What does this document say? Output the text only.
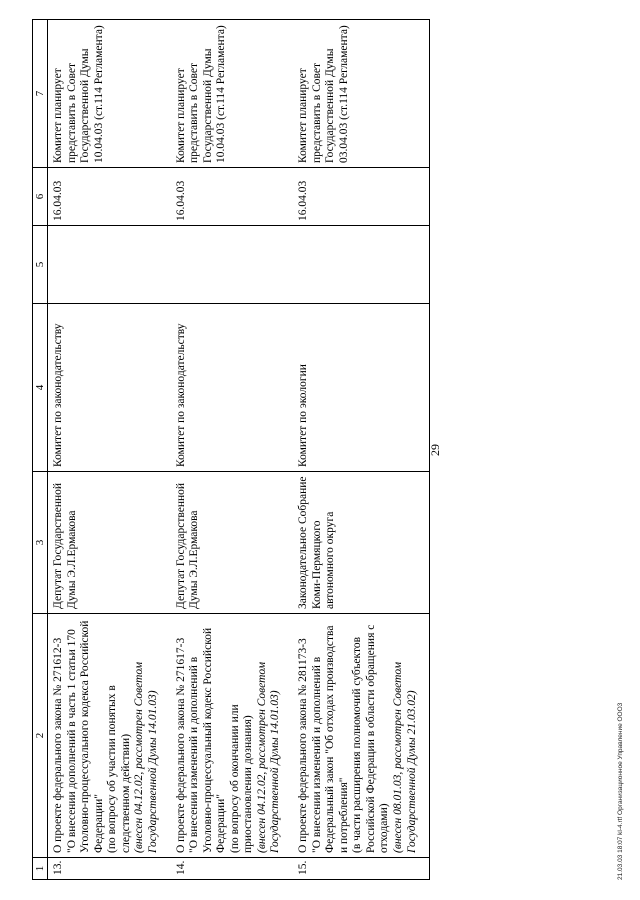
1	2	3	4	5	6	7
13.	О проекте федерального закона № 271612-3 "О внесении дополнений в часть 1 статьи 170 Уголовно-процессуального кодекса Российской Федерации" (по вопросу об участии понятых в следственном действии) (внесен 04.12.02, рассмотрен Советом Государственной Думы 14.01.03)	Депутат Государственной Думы Э.Л.Ермакова	Комитет по законодательству		16.04.03	Комитет планирует представить в Совет Государственной Думы 10.04.03 (ст.114 Регламента)
14.	О проекте федерального закона № 271617-3 "О внесении изменений и дополнений в Уголовно-процессуальный кодекс Российской Федерации" (по вопросу об окончании или приостановлении дознания) (внесен 04.12.02, рассмотрен Советом Государственной Думы 14.01.03)	Депутат Государственной Думы Э.Л.Ермакова	Комитет по законодательству		16.04.03	Комитет планирует представить в Совет Государственной Думы 10.04.03 (ст.114 Регламента)
15.	О проекте федерального закона № 281173-3 "О внесении изменений и дополнений в Федеральный закон "Об отходах производства и потребления" (в части расширения полномочий субъектов Российской Федерации в области обращения с отходами) (внесен 08.01.03, рассмотрен Советом Государственной Думы 21.03.02)	Законодательное Собрание Коми-Пермяцкого автономного округа	Комитет по экологии		16.04.03	Комитет планирует представить в Совет Государственной Думы 03.04.03 (ст.114 Регламента)
29
21.03.03 18:07 kl-4.rtf Организационное Управление ООО3
